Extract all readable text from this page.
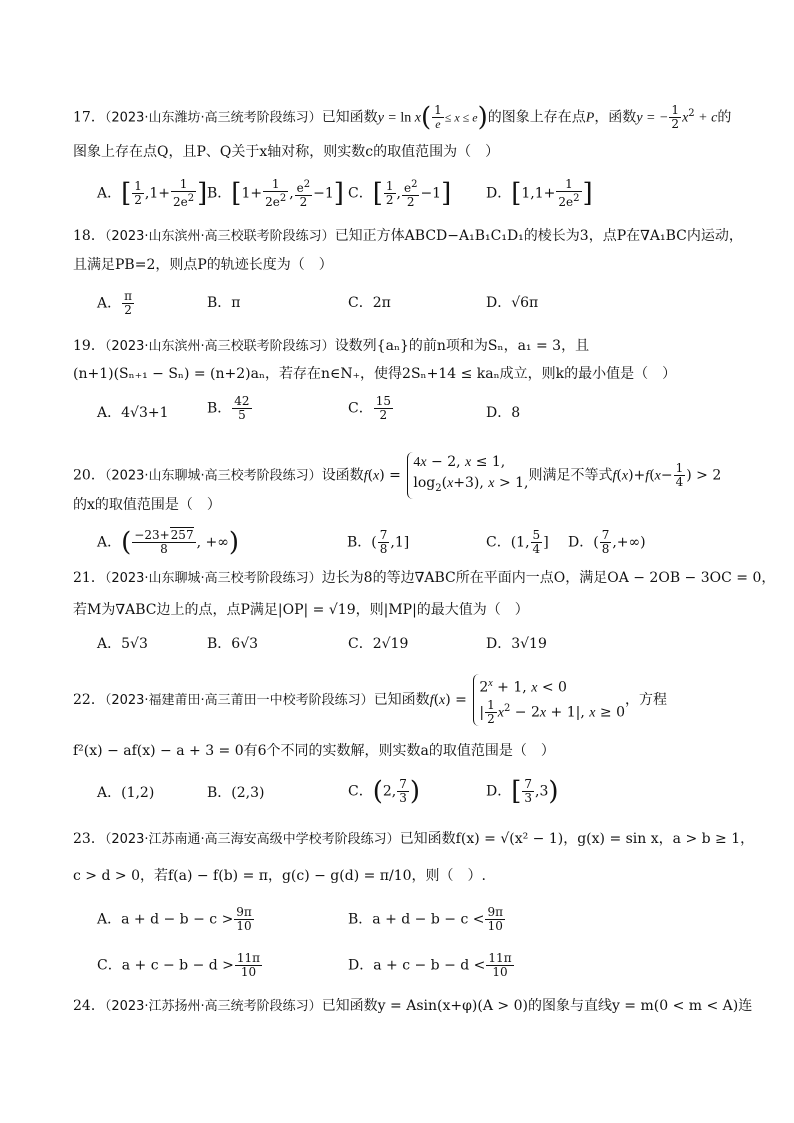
17．（2023·山东潍坊·高三统考阶段练习）已知函数$y = \ln x( \frac{1}{e} \le x \le e)$的图象上存在点P，函数y = − $\frac{1}{2} x^2 + c$的
图象上存在点Q，且P、Q关于x轴对称，则实数c的取值范围为（　）
A．[ $\frac{1}{2} ,1+ \frac{1}{2e^2}$ ] B．[$1+ \frac{1}{2e^2}$ , $\frac{e^2}{2} -1$] C．[ $\frac{1}{2}$ , $\frac{e^2}{2} -1$] D．[$1,1+ \frac{1}{2e^2}$ ]
18．（2023·山东滨州·高三校联考阶段练习）已知正方体ABCD−A₁B₁C₁D₁的棱长为3，点P在∇A₁BC内运动，
且满足PB=2，则点P的轨迹长度为（　）
A． $\frac{\pi}{2}$	B．π	C．2π	D．√6π
19．（2023·山东滨州·高三校联考阶段练习）设数列{aₙ}的前n项和为Sₙ，a₁ = 3，且
(n+1)(Sₙ₊₁ − Sₙ) = (n+2)aₙ，若存在n∈N₊，使得2Sₙ+14 ≤ kaₙ成立，则k的最小值是（　）
A．4√3+1	B． $\frac{42}{5}$	C． $\frac{15}{2}$	D．8
20．（2023·山东聊城·高三校考阶段练习）设函数f(x) = 4x − 2, x ≤ 1,
$\log_2(x+3)$, x > 1,则满足不等式$f(x)+f(x- \frac{1}{4}$ ) > 2
的x的取值范围是（　）
A．( $\frac{-23+257}{8}$ , +∞)	B．( $\frac{7}{8} ,1$]	C．(1, $\frac{5}{4}$ ] D．( $\frac{7}{8}$ ,+∞)
21．（2023·山东聊城·高三校考阶段练习）边长为8的等边∇ABC所在平面内一点O，满足OA − 2OB − 3OC = 0，
若M为∇ABC边上的点，点P满足|OP| = √19，则|MP|的最大值为（　）
A．5√3	B．6√3	C．2√19	D．3√19
22．（2023·福建莆田·高三莆田一中校考阶段练习）已知函数$f(x) = 2^x + 1$, x < 0
| $\frac{1}{2} x^2 - 2x + 1|$, x ≥ 0，方程
f²(x) − af(x) − a + 3 = 0有6个不同的实数解，则实数a的取值范围是（　）
A．(1,2)	B．(2,3)	C．(2, $\frac{7}{3}$ )	D．[ $\frac{7}{3} ,3$)
23．（2023·江苏南通·高三海安高级中学校考阶段练习）已知函数f(x) = √(x² − 1)，g(x) = sin x，a > b ≥ 1，
c > d > 0，若f(a) − f(b) = π，g(c) − g(d) = π/10，则（　）.
A．$a + d - b - c > \frac{9\pi}{10}$	B．$a + d - b - c < \frac{9\pi}{10}$
C．$a + c - b - d > \frac{11\pi}{10}$	D．$a + c - b - d < \frac{11\pi}{10}$
24．（2023·江苏扬州·高三统考阶段练习）已知函数y = Asin(x+φ)(A > 0)的图象与直线y = m(0 < m < A)连
